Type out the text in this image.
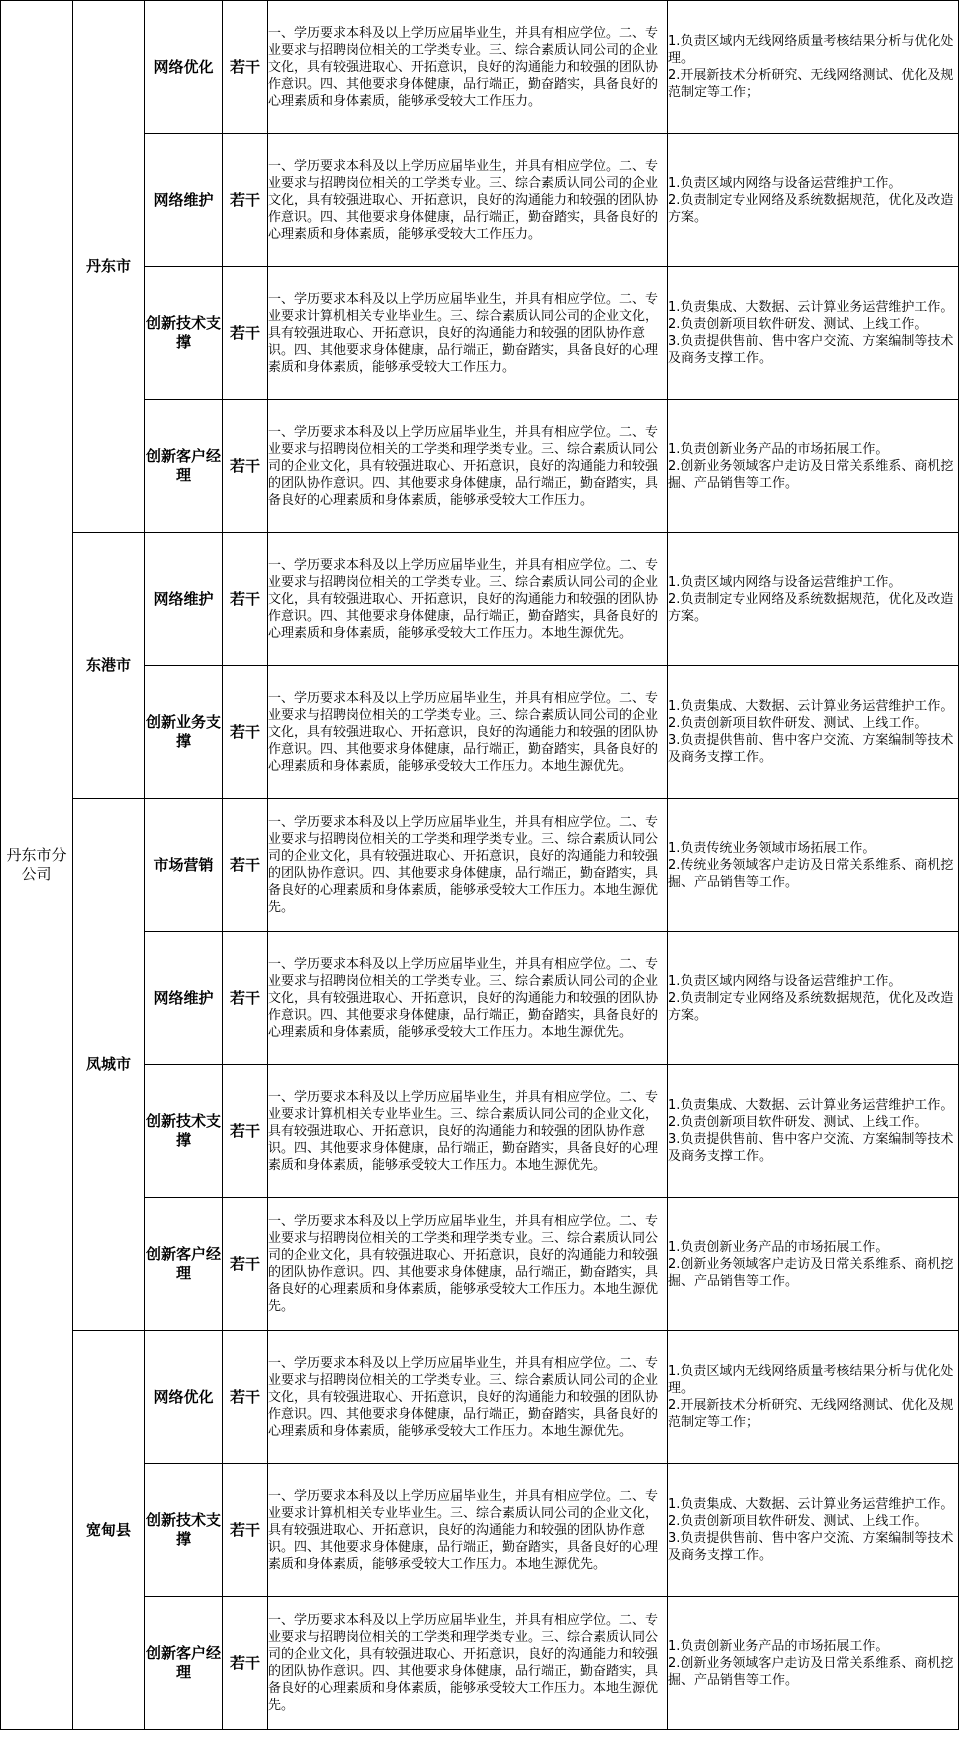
丹东市分公司	丹东市	网络优化	若干	一、学历要求本科及以上学历应届毕业生，并具有相应学位。二、专业要求与招聘岗位相关的工学类专业。三、综合素质认同公司的企业文化，具有较强进取心、开拓意识，良好的沟通能力和较强的团队协作意识。四、其他要求身体健康，品行端正，勤奋踏实，具备良好的心理素质和身体素质，能够承受较大工作压力。	1.负责区域内无线网络质量考核结果分析与优化处理。
2.开展新技术分析研究、无线网络测试、优化及规范制定等工作；

		网络维护	若干	一、学历要求本科及以上学历应届毕业生，并具有相应学位。二、专业要求与招聘岗位相关的工学类专业。三、综合素质认同公司的企业文化，具有较强进取心、开拓意识，良好的沟通能力和较强的团队协作意识。四、其他要求身体健康，品行端正，勤奋踏实，具备良好的心理素质和身体素质，能够承受较大工作压力。	1.负责区域内网络与设备运营维护工作。
2.负责制定专业网络及系统数据规范，优化及改造方案。

		创新技术支撑	若干	一、学历要求本科及以上学历应届毕业生，并具有相应学位。二、专业要求计算机相关专业毕业生。三、综合素质认同公司的企业文化，具有较强进取心、开拓意识，良好的沟通能力和较强的团队协作意识。四、其他要求身体健康，品行端正，勤奋踏实，具备良好的心理素质和身体素质，能够承受较大工作压力。	1.负责集成、大数据、云计算业务运营维护工作。
2.负责创新项目软件研发、测试、上线工作。
3.负责提供售前、售中客户交流、方案编制等技术及商务支撑工作。

		创新客户经理	若干	一、学历要求本科及以上学历应届毕业生，并具有相应学位。二、专业要求与招聘岗位相关的工学类和理学类专业。三、综合素质认同公司的企业文化，具有较强进取心、开拓意识，良好的沟通能力和较强的团队协作意识。四、其他要求身体健康，品行端正，勤奋踏实，具备良好的心理素质和身体素质，能够承受较大工作压力。	1.负责创新业务产品的市场拓展工作。
2.创新业务领域客户走访及日常关系维系、商机挖掘、产品销售等工作。

	东港市	网络维护	若干	一、学历要求本科及以上学历应届毕业生，并具有相应学位。二、专业要求与招聘岗位相关的工学类专业。三、综合素质认同公司的企业文化，具有较强进取心、开拓意识，良好的沟通能力和较强的团队协作意识。四、其他要求身体健康，品行端正，勤奋踏实，具备良好的心理素质和身体素质，能够承受较大工作压力。本地生源优先。	1.负责区域内网络与设备运营维护工作。
2.负责制定专业网络及系统数据规范，优化及改造方案。

		创新业务支撑	若干	一、学历要求本科及以上学历应届毕业生，并具有相应学位。二、专业要求与招聘岗位相关的工学类专业。三、综合素质认同公司的企业文化，具有较强进取心、开拓意识，良好的沟通能力和较强的团队协作意识。四、其他要求身体健康，品行端正，勤奋踏实，具备良好的心理素质和身体素质，能够承受较大工作压力。本地生源优先。	1.负责集成、大数据、云计算业务运营维护工作。
2.负责创新项目软件研发、测试、上线工作。
3.负责提供售前、售中客户交流、方案编制等技术及商务支撑工作。

	凤城市	市场营销	若干	一、学历要求本科及以上学历应届毕业生，并具有相应学位。二、专业要求与招聘岗位相关的工学类和理学类专业。三、综合素质认同公司的企业文化，具有较强进取心、开拓意识，良好的沟通能力和较强的团队协作意识。四、其他要求身体健康，品行端正，勤奋踏实，具备良好的心理素质和身体素质，能够承受较大工作压力。本地生源优先。	1.负责传统业务领域市场拓展工作。
2.传统业务领域客户走访及日常关系维系、商机挖掘、产品销售等工作。

		网络维护	若干	一、学历要求本科及以上学历应届毕业生，并具有相应学位。二、专业要求与招聘岗位相关的工学类专业。三、综合素质认同公司的企业文化，具有较强进取心、开拓意识，良好的沟通能力和较强的团队协作意识。四、其他要求身体健康，品行端正，勤奋踏实，具备良好的心理素质和身体素质，能够承受较大工作压力。本地生源优先。	1.负责区域内网络与设备运营维护工作。
2.负责制定专业网络及系统数据规范，优化及改造方案。

		创新技术支撑	若干	一、学历要求本科及以上学历应届毕业生，并具有相应学位。二、专业要求计算机相关专业毕业生。三、综合素质认同公司的企业文化，具有较强进取心、开拓意识，良好的沟通能力和较强的团队协作意识。四、其他要求身体健康，品行端正，勤奋踏实，具备良好的心理素质和身体素质，能够承受较大工作压力。本地生源优先。	1.负责集成、大数据、云计算业务运营维护工作。
2.负责创新项目软件研发、测试、上线工作。
3.负责提供售前、售中客户交流、方案编制等技术及商务支撑工作。

		创新客户经理	若干	一、学历要求本科及以上学历应届毕业生，并具有相应学位。二、专业要求与招聘岗位相关的工学类和理学类专业。三、综合素质认同公司的企业文化，具有较强进取心、开拓意识，良好的沟通能力和较强的团队协作意识。四、其他要求身体健康，品行端正，勤奋踏实，具备良好的心理素质和身体素质，能够承受较大工作压力。本地生源优先。	1.负责创新业务产品的市场拓展工作。
2.创新业务领域客户走访及日常关系维系、商机挖掘、产品销售等工作。

	宽甸县	网络优化	若干	一、学历要求本科及以上学历应届毕业生，并具有相应学位。二、专业要求与招聘岗位相关的工学类专业。三、综合素质认同公司的企业文化，具有较强进取心、开拓意识，良好的沟通能力和较强的团队协作意识。四、其他要求身体健康，品行端正，勤奋踏实，具备良好的心理素质和身体素质，能够承受较大工作压力。本地生源优先。	1.负责区域内无线网络质量考核结果分析与优化处理。
2.开展新技术分析研究、无线网络测试、优化及规范制定等工作；

		创新技术支撑	若干	一、学历要求本科及以上学历应届毕业生，并具有相应学位。二、专业要求计算机相关专业毕业生。三、综合素质认同公司的企业文化，具有较强进取心、开拓意识，良好的沟通能力和较强的团队协作意识。四、其他要求身体健康，品行端正，勤奋踏实，具备良好的心理素质和身体素质，能够承受较大工作压力。本地生源优先。	1.负责集成、大数据、云计算业务运营维护工作。
2.负责创新项目软件研发、测试、上线工作。
3.负责提供售前、售中客户交流、方案编制等技术及商务支撑工作。

		创新客户经理	若干	一、学历要求本科及以上学历应届毕业生，并具有相应学位。二、专业要求与招聘岗位相关的工学类和理学类专业。三、综合素质认同公司的企业文化，具有较强进取心、开拓意识，良好的沟通能力和较强的团队协作意识。四、其他要求身体健康，品行端正，勤奋踏实，具备良好的心理素质和身体素质，能够承受较大工作压力。本地生源优先。	1.负责创新业务产品的市场拓展工作。
2.创新业务领域客户走访及日常关系维系、商机挖掘、产品销售等工作。
